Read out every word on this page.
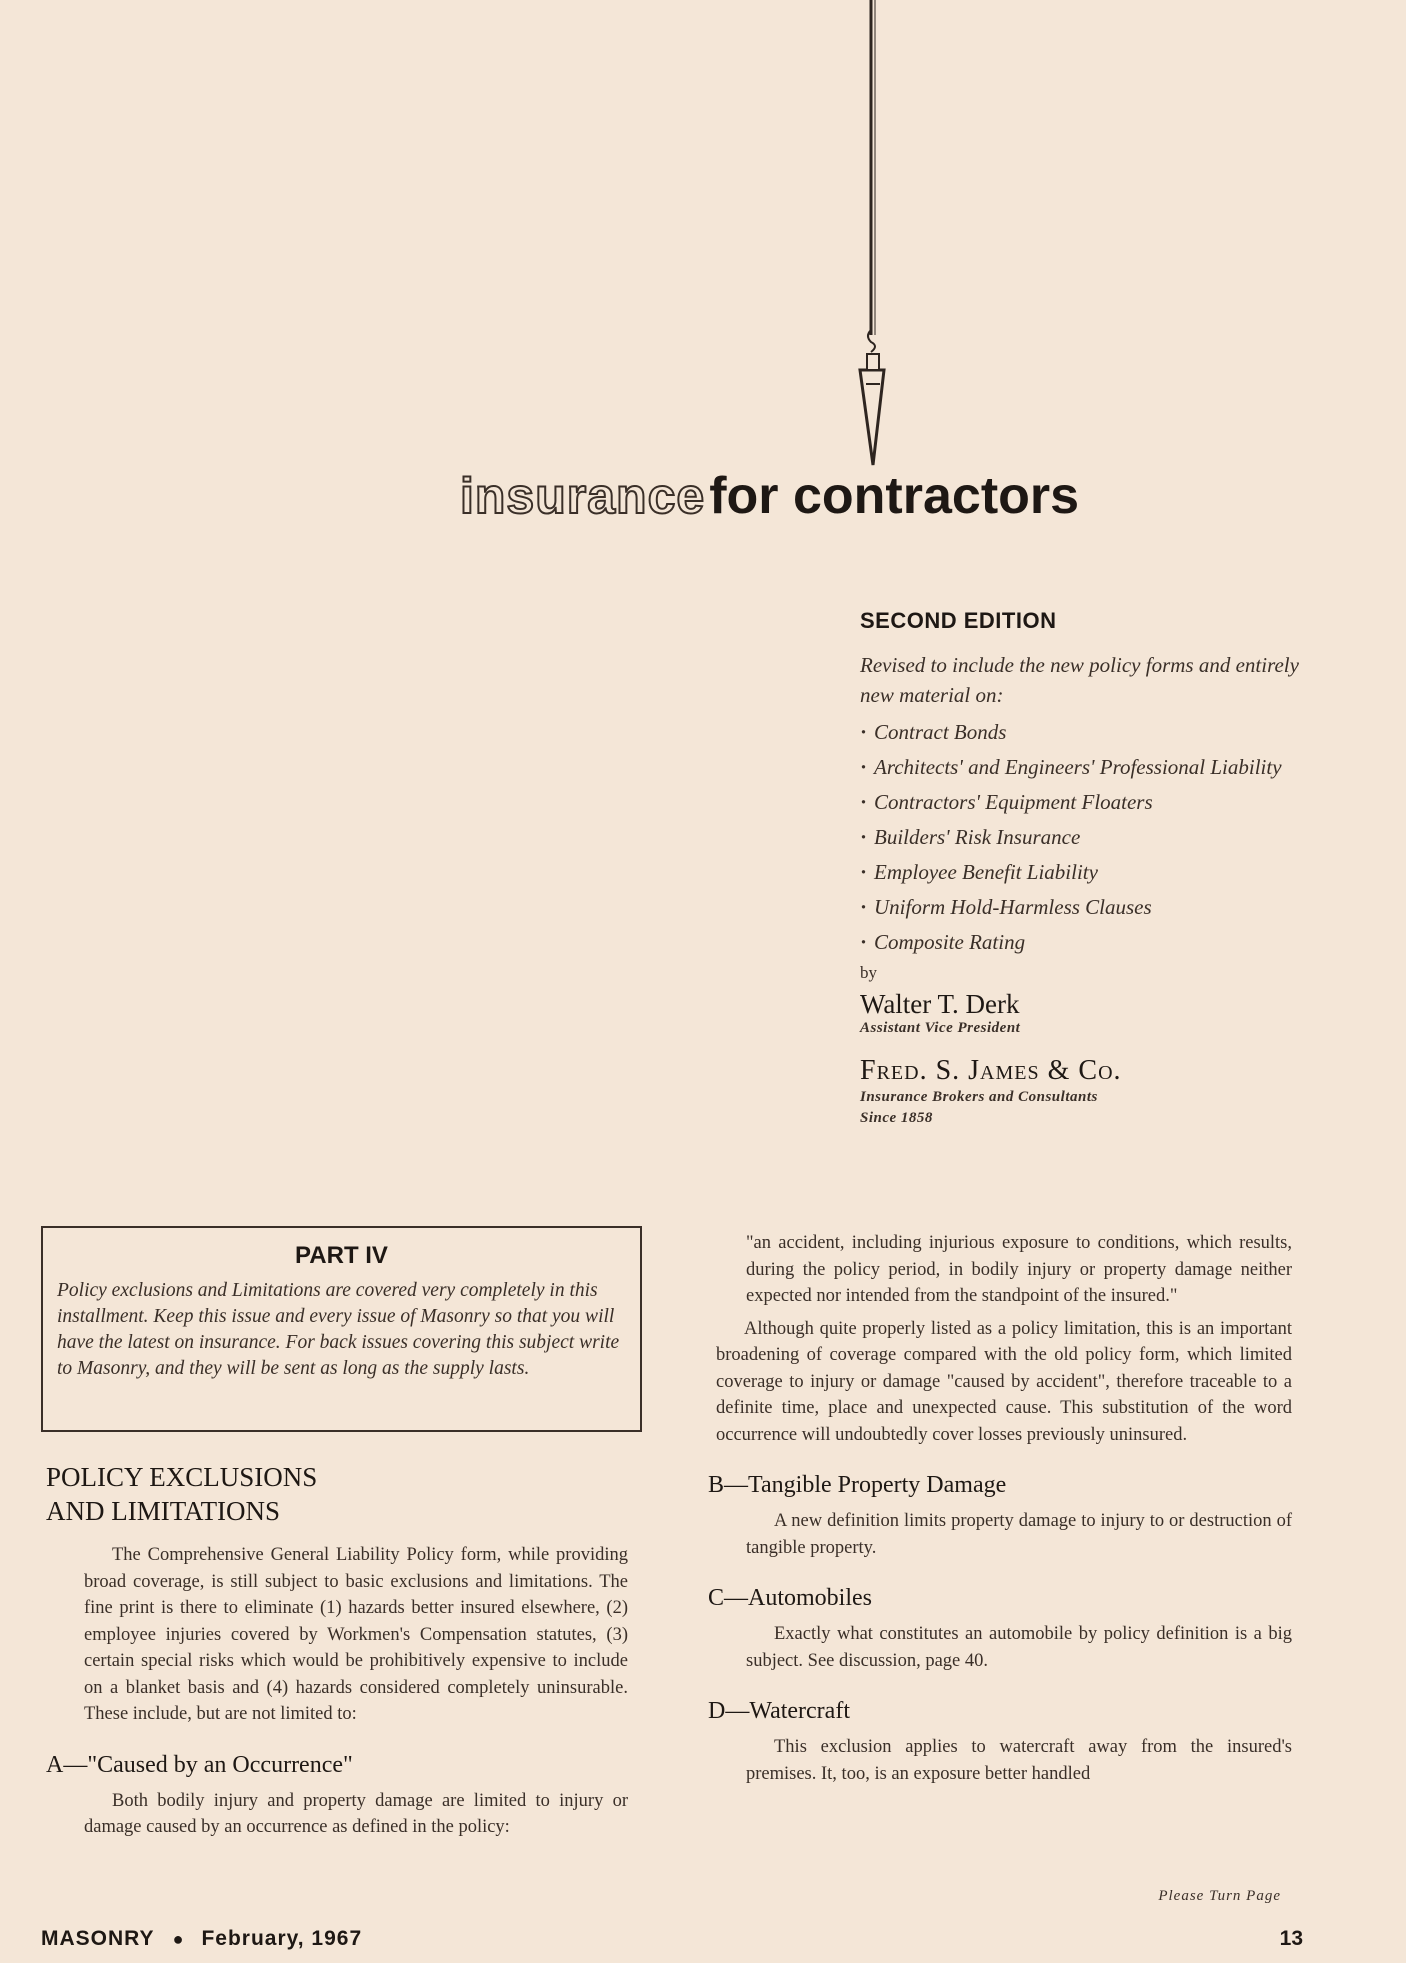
insurance for contractors
SECOND EDITION
Revised to include the new policy forms and entirely new material on:
· Contract Bonds
· Architects' and Engineers' Professional Liability
· Contractors' Equipment Floaters
· Builders' Risk Insurance
· Employee Benefit Liability
· Uniform Hold-Harmless Clauses
· Composite Rating
by
Walter T. Derk
Assistant Vice President
Fred. S. James & Co.
Insurance Brokers and Consultants
Since 1858
PART IV
Policy exclusions and Limitations are covered very completely in this installment. Keep this issue and every issue of Masonry so that you will have the latest on insurance. For back issues covering this subject write to Masonry, and they will be sent as long as the supply lasts.
POLICY EXCLUSIONS
AND LIMITATIONS

The Comprehensive General Liability Policy form, while providing broad coverage, is still subject to basic exclusions and limitations. The fine print is there to eliminate (1) hazards better insured elsewhere, (2) employee injuries covered by Workmen's Compensation statutes, (3) certain special risks which would be prohibitively expensive to include on a blanket basis and (4) hazards considered completely uninsurable. These include, but are not limited to:

A—"Caused by an Occurrence"

Both bodily injury and property damage are limited to injury or damage caused by an occurrence as defined in the policy:

"an accident, including injurious exposure to conditions, which results, during the policy period, in bodily injury or property damage neither expected nor intended from the standpoint of the insured."

Although quite properly listed as a policy limitation, this is an important broadening of coverage compared with the old policy form, which limited coverage to injury or damage "caused by accident", therefore traceable to a definite time, place and unexpected cause. This substitution of the word occurrence will undoubtedly cover losses previously uninsured.

B—Tangible Property Damage

A new definition limits property damage to injury to or destruction of tangible property.

C—Automobiles

Exactly what constitutes an automobile by policy definition is a big subject. See discussion, page 40.

D—Watercraft

This exclusion applies to watercraft away from the insured's premises. It, too, is an exposure better handled

Please Turn Page
MASONRY ● February, 1967	13
